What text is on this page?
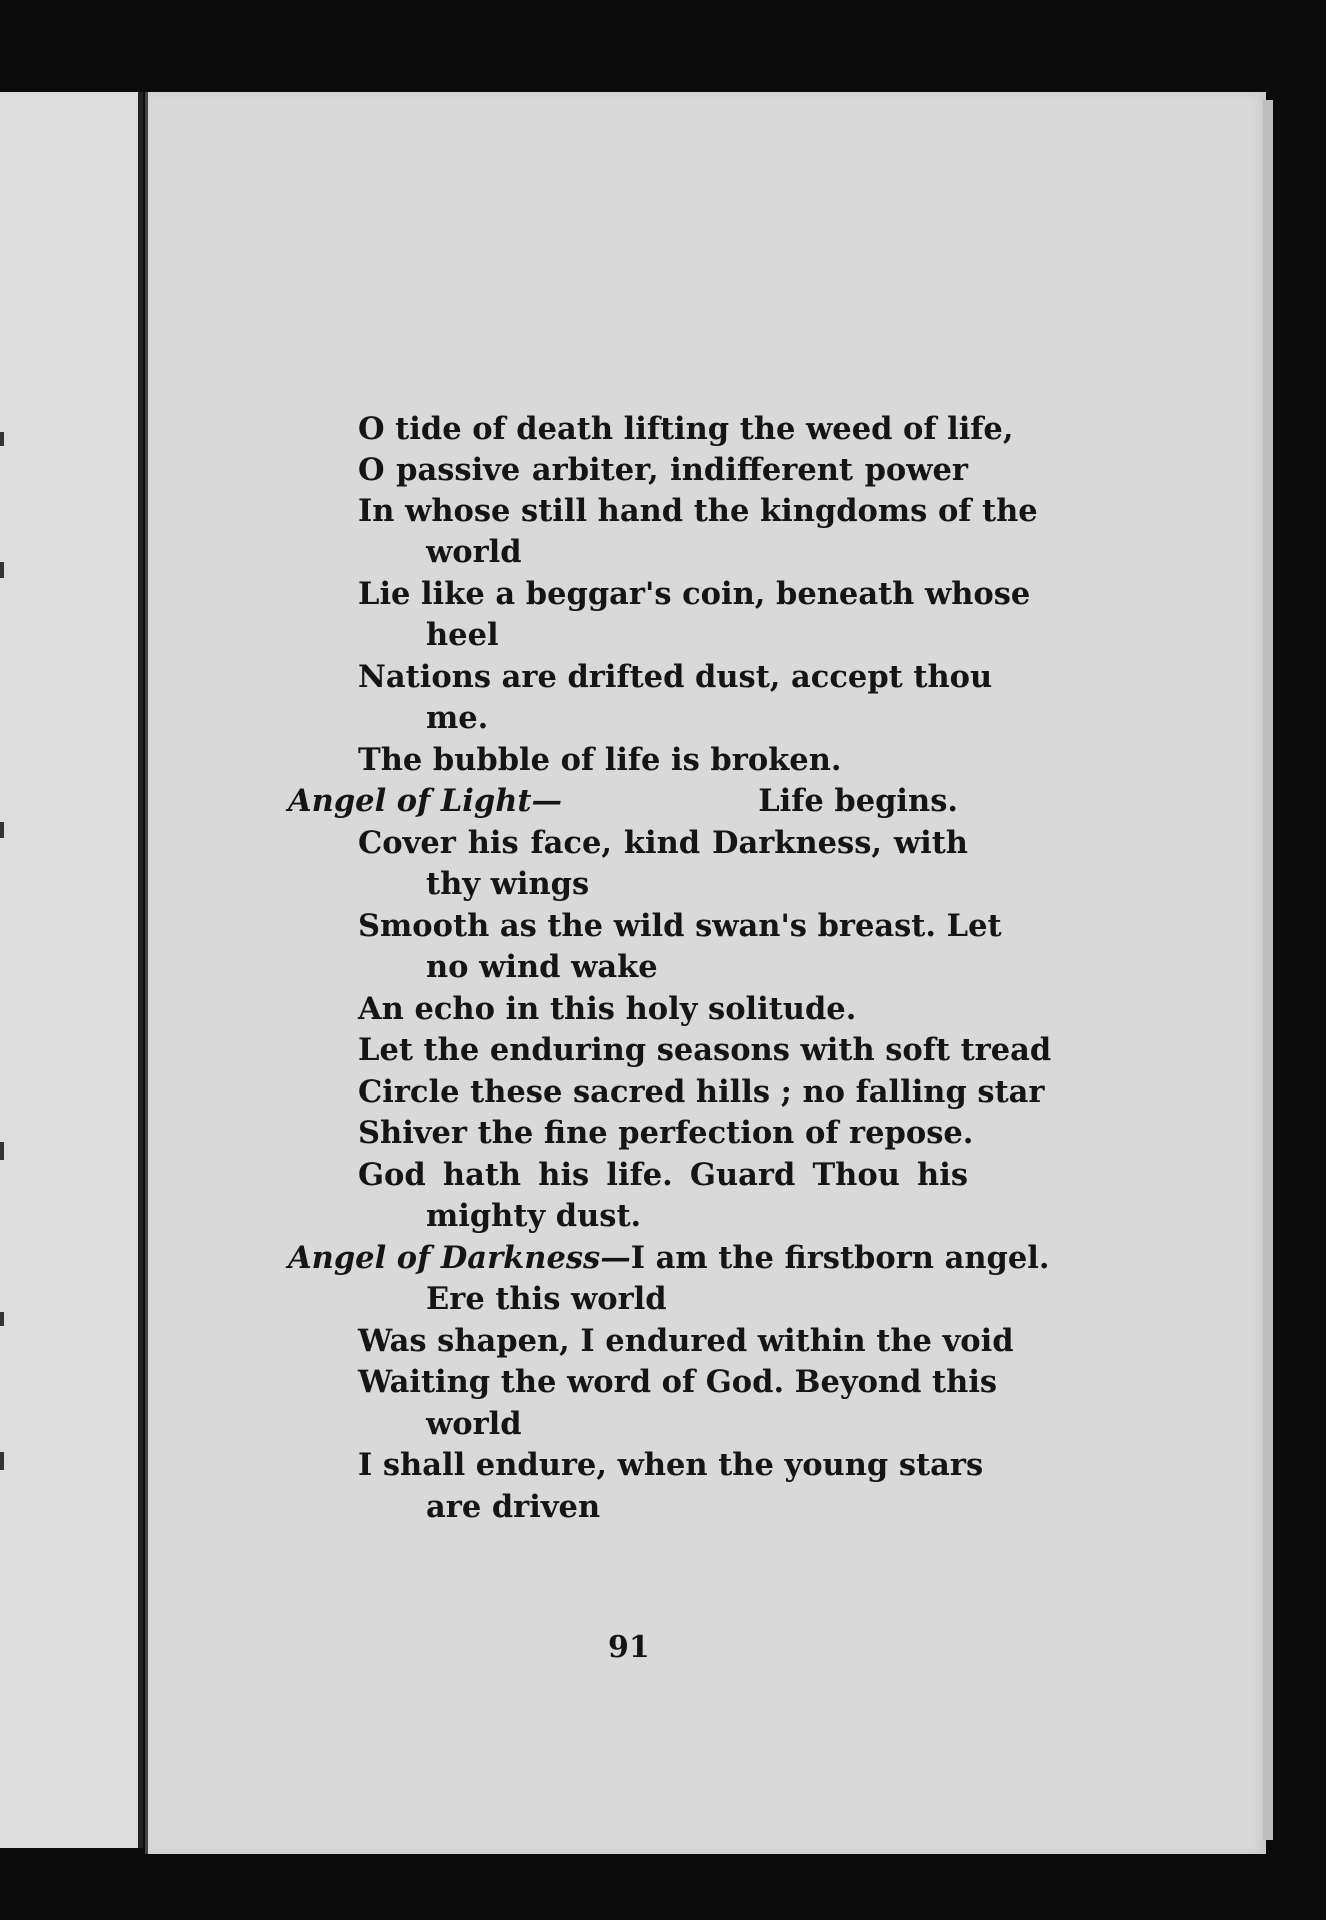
O tide of death lifting the weed of life,
O passive arbiter, indifferent power
In whose still hand the kingdoms of the
world
Lie like a beggar's coin, beneath whose
heel
Nations are drifted dust, accept thou
me.
The bubble of life is broken.
Angel of Light—	Life begins.
Cover his face, kind Darkness, with
thy wings
Smooth as the wild swan's breast. Let
no wind wake
An echo in this holy solitude.
Let the enduring seasons with soft tread
Circle these sacred hills ; no falling star
Shiver the fine perfection of repose.
God hath his life. Guard Thou his
mighty dust.
Angel of Darkness—I am the firstborn angel.
Ere this world
Was shapen, I endured within the void
Waiting the word of God. Beyond this
world
I shall endure, when the young stars
are driven
91
